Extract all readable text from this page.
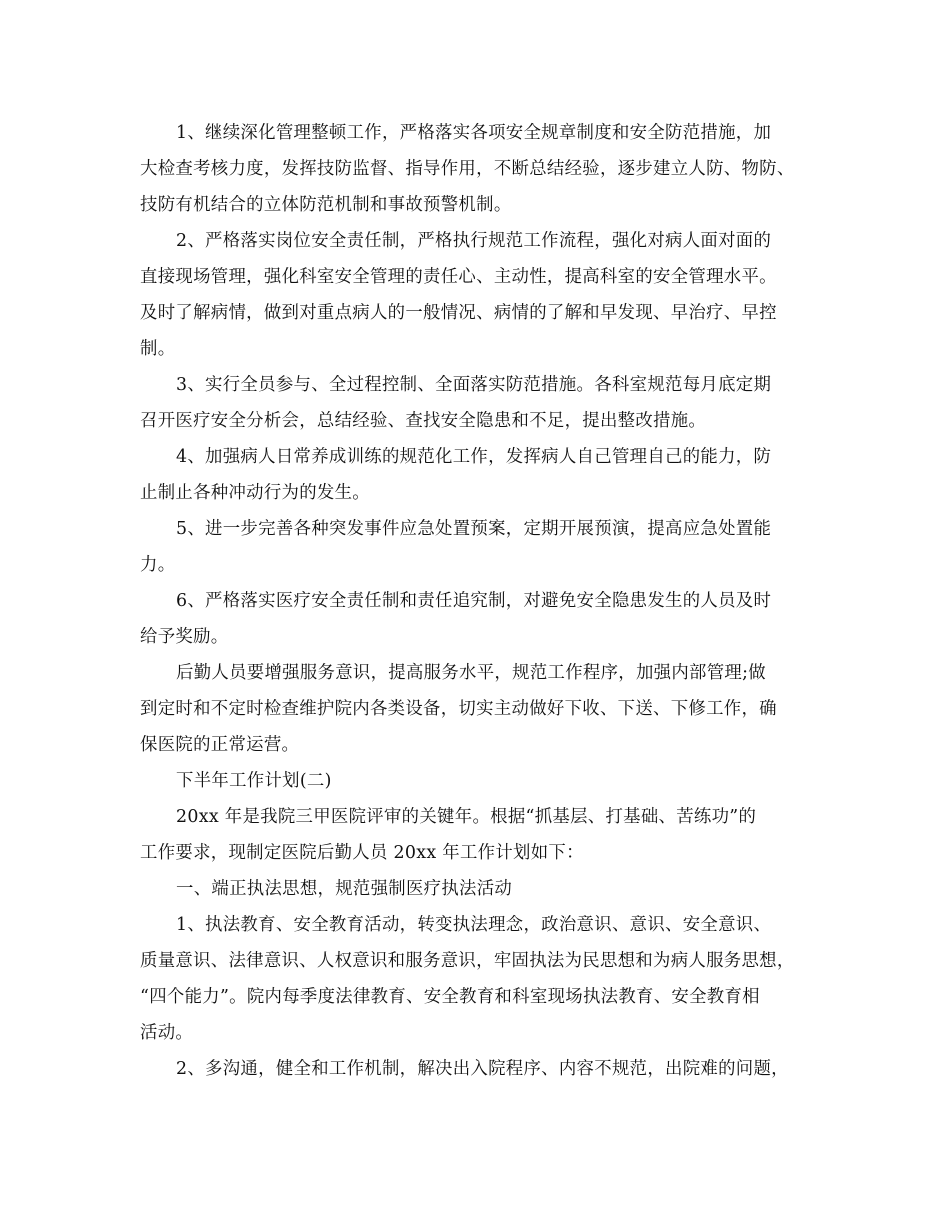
1、继续深化管理整顿工作，严格落实各项安全规章制度和安全防范措施，加
大检查考核力度，发挥技防监督、指导作用，不断总结经验，逐步建立人防、物防、
技防有机结合的立体防范机制和事故预警机制。
2、严格落实岗位安全责任制，严格执行规范工作流程，强化对病人面对面的
直接现场管理，强化科室安全管理的责任心、主动性，提高科室的安全管理水平。
及时了解病情，做到对重点病人的一般情况、病情的了解和早发现、早治疗、早控
制。
3、实行全员参与、全过程控制、全面落实防范措施。各科室规范每月底定期
召开医疗安全分析会，总结经验、查找安全隐患和不足，提出整改措施。
4、加强病人日常养成训练的规范化工作，发挥病人自己管理自己的能力，防
止制止各种冲动行为的发生。
5、进一步完善各种突发事件应急处置预案，定期开展预演，提高应急处置能
力。
6、严格落实医疗安全责任制和责任追究制，对避免安全隐患发生的人员及时
给予奖励。
后勤人员要增强服务意识，提高服务水平，规范工作程序，加强内部管理;做
到定时和不定时检查维护院内各类设备，切实主动做好下收、下送、下修工作，确
保医院的正常运营。
下半年工作计划(二)
20xx 年是我院三甲医院评审的关键年。根据“抓基层、打基础、苦练功”的
工作要求，现制定医院后勤人员 20xx 年工作计划如下：
一、端正执法思想，规范强制医疗执法活动
1、执法教育、安全教育活动，转变执法理念，政治意识、意识、安全意识、
质量意识、法律意识、人权意识和服务意识，牢固执法为民思想和为病人服务思想，
“四个能力”。院内每季度法律教育、安全教育和科室现场执法教育、安全教育相
活动。
2、多沟通，健全和工作机制，解决出入院程序、内容不规范，出院难的问题，
